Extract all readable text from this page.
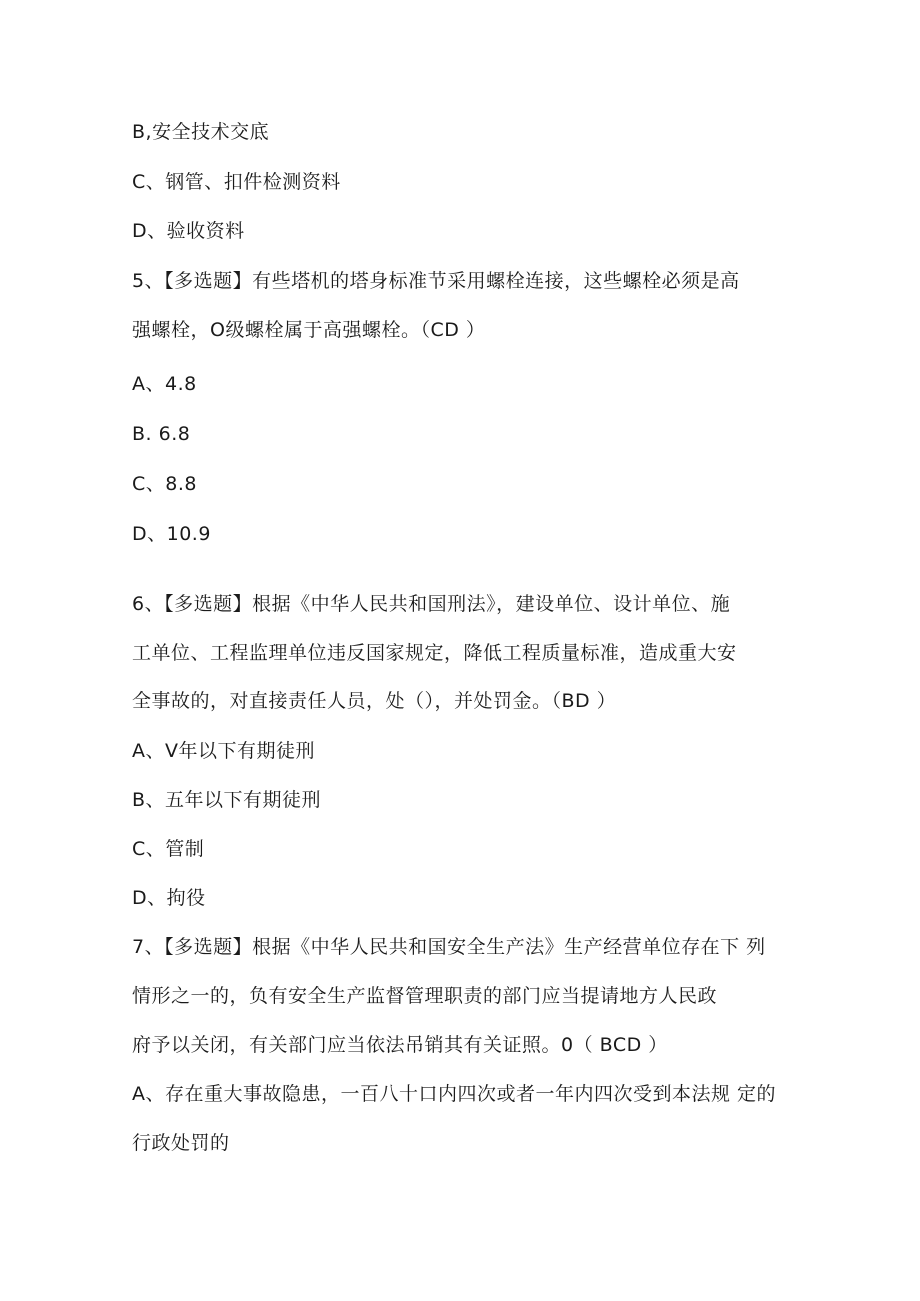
B,安全技术交底
C、钢管、扣件检测资料
D、验收资料
5、【多选题】有些塔机的塔身标准节采用螺栓连接，这些螺栓必须是高
强螺栓，O级螺栓属于高强螺栓。（CD ）
A、4.8
B. 6.8
C、8.8
D、10.9
6、【多选题】根据《中华人民共和国刑法》，建设单位、设计单位、施
工单位、工程监理单位违反国家规定，降低工程质量标准，造成重大安
全事故的，对直接责任人员，处（），并处罚金。（BD ）
A、V年以下有期徒刑
B、五年以下有期徒刑
C、管制
D、拘役
7、【多选题】根据《中华人民共和国安全生产法》生产经营单位存在下 列
情形之一的，负有安全生产监督管理职责的部门应当提请地方人民政
府予以关闭，有关部门应当依法吊销其有关证照。0（ BCD ）
A、存在重大事故隐患，一百八十口内四次或者一年内四次受到本法规 定的
行政处罚的
